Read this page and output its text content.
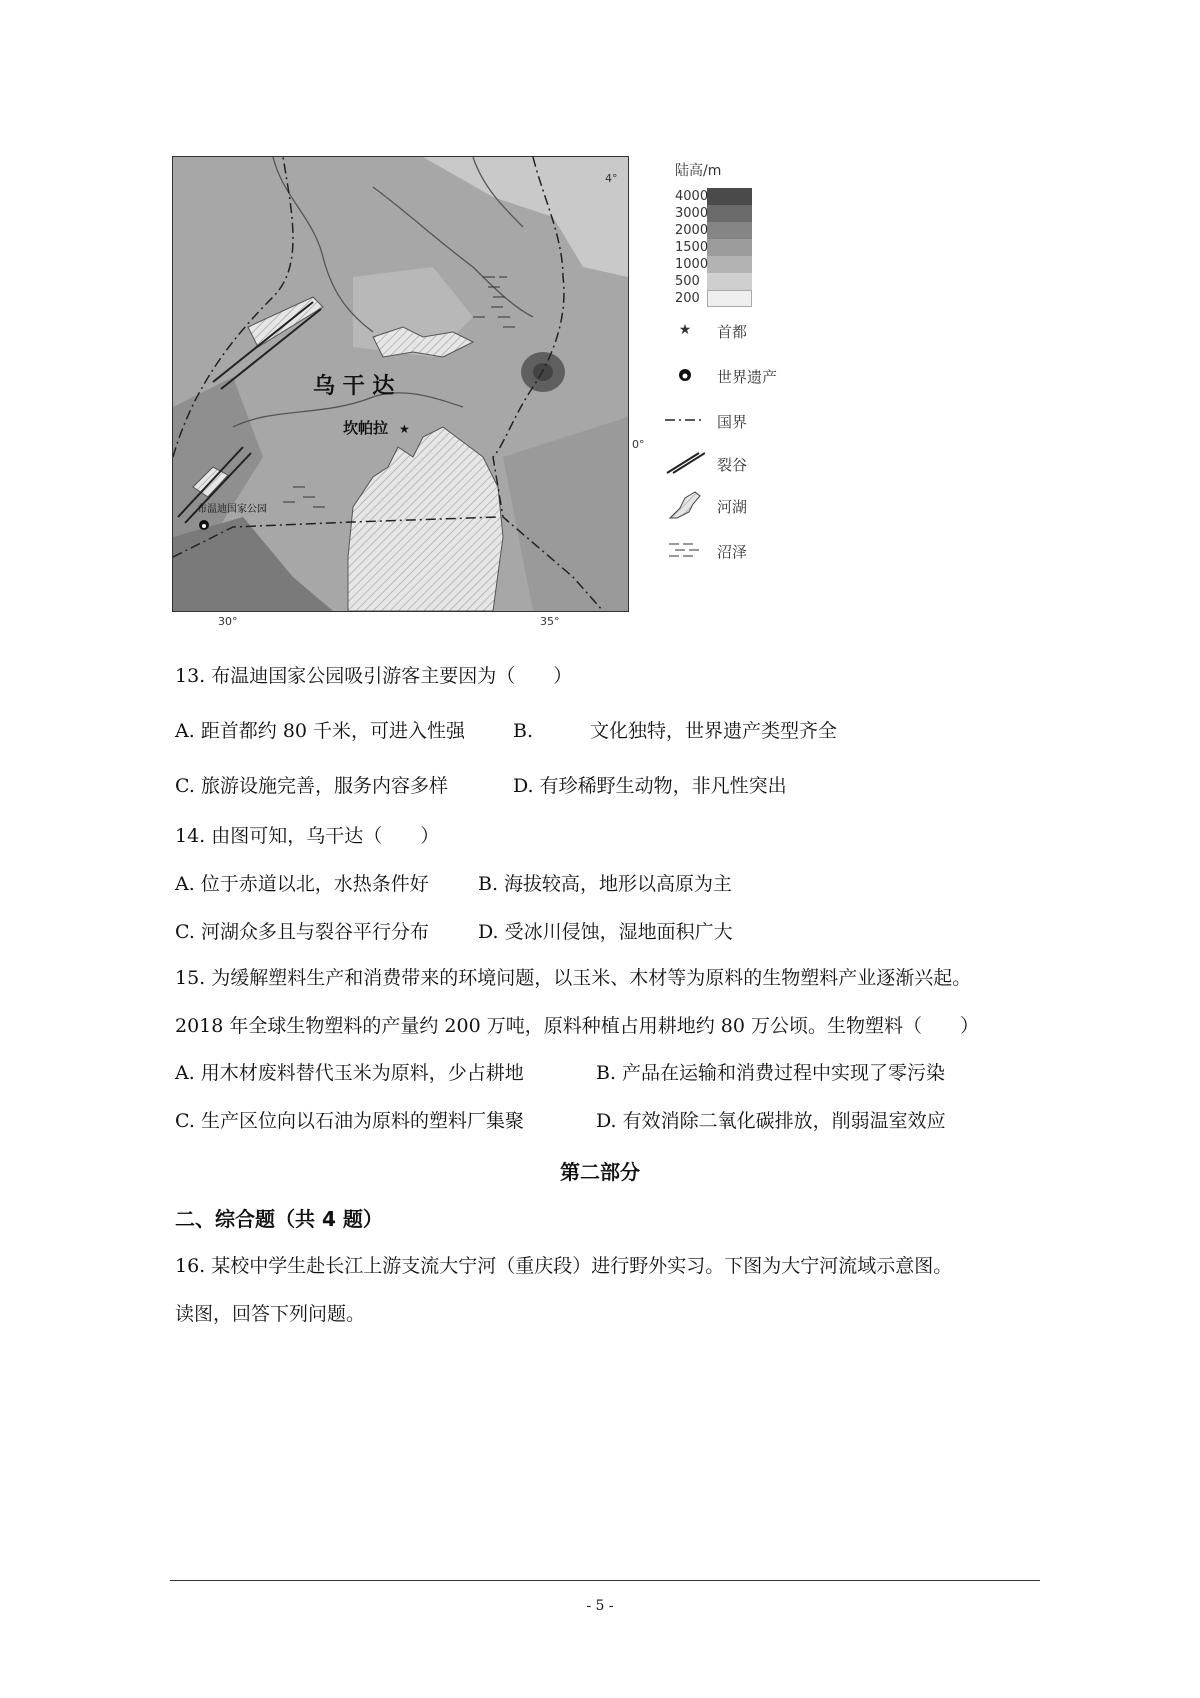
乌 干 达
坎帕拉 ★
布温迪国家公园
4°
0°
30°	35°
陆高/m
4000
3000
2000
1500
1000
500
200
★ 首都
世界遗产
国界
裂谷
河湖
沼泽
13. 布温迪国家公园吸引游客主要因为（　　）
A. 距首都约 80 千米，可进入性强	B.　　　文化独特，世界遗产类型齐全
C. 旅游设施完善，服务内容多样	D. 有珍稀野生动物，非凡性突出
14. 由图可知，乌干达（　　）
A. 位于赤道以北，水热条件好	B. 海拔较高，地形以高原为主
C. 河湖众多且与裂谷平行分布	D. 受冰川侵蚀，湿地面积广大
15. 为缓解塑料生产和消费带来的环境问题，以玉米、木材等为原料的生物塑料产业逐渐兴起。
2018 年全球生物塑料的产量约 200 万吨，原料种植占用耕地约 80 万公顷。生物塑料（　　）
A. 用木材废料替代玉米为原料，少占耕地	B. 产品在运输和消费过程中实现了零污染
C. 生产区位向以石油为原料的塑料厂集聚	D. 有效消除二氧化碳排放，削弱温室效应
第二部分
二、综合题（共 4 题）
16. 某校中学生赴长江上游支流大宁河（重庆段）进行野外实习。下图为大宁河流域示意图。
读图，回答下列问题。
- 5 -
